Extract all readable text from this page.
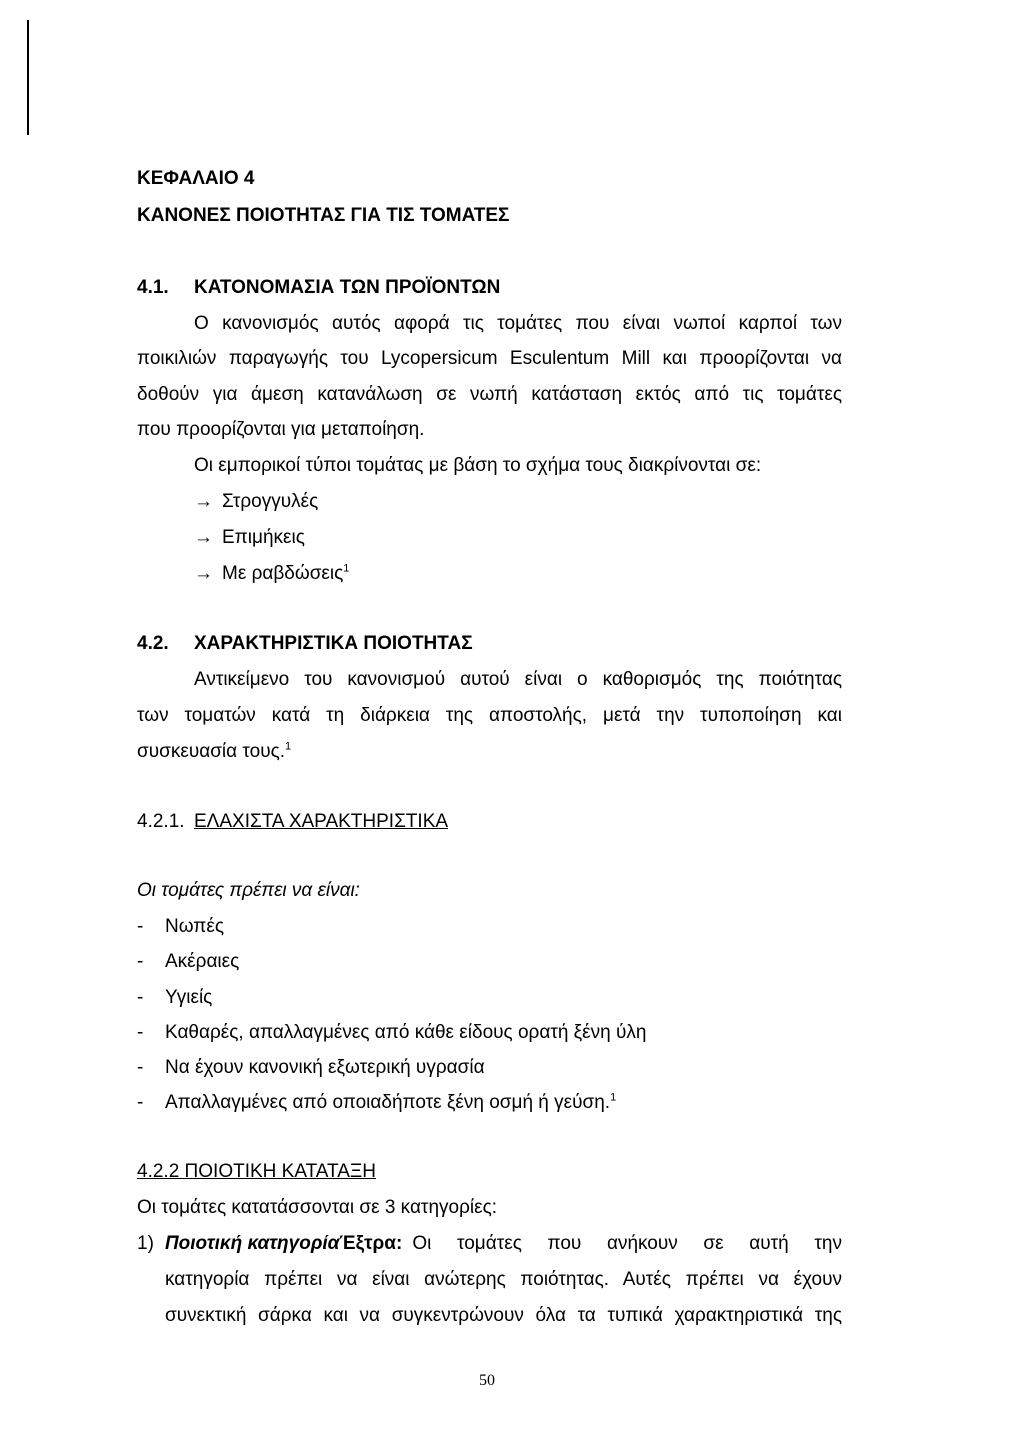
ΚΕΦΑΛΑΙΟ 4
ΚΑΝΟΝΕΣ ΠΟΙΟΤΗΤΑΣ ΓΙΑ ΤΙΣ ΤΟΜΑΤΕΣ
4.1. ΚΑΤΟΝΟΜΑΣΙΑ ΤΩΝ ΠΡΟΪΟΝΤΩΝ
Ο κανονισμός αυτός αφορά τις τομάτες που είναι νωποί καρποί των
ποικιλιών παραγωγής του Lycopersicum Esculentum Mill και προορίζονται να
δοθούν για άμεση κατανάλωση σε νωπή κατάσταση εκτός από τις τομάτες
που προορίζονται για μεταποίηση.
Οι εμπορικοί τύποι τομάτας με βάση το σχήμα τους διακρίνονται σε:
→ Στρογγυλές
→ Επιμήκεις
→ Με ραβδώσεις$^1$
4.2. ΧΑΡΑΚΤΗΡΙΣΤΙΚΑ ΠΟΙΟΤΗΤΑΣ
Αντικείμενο του κανονισμού αυτού είναι ο καθορισμός της ποιότητας
των τοματών κατά τη διάρκεια της αποστολής, μετά την τυποποίηση και
συσκευασία τους.$^1$
4.2.1. ΕΛΑΧΙΣΤΑ ΧΑΡΑΚΤΗΡΙΣΤΙΚΑ
Οι τομάτες πρέπει να είναι:
- Νωπές
- Ακέραιες
- Υγιείς
- Καθαρές, απαλλαγμένες από κάθε είδους ορατή ξένη ύλη
- Να έχουν κανονική εξωτερική υγρασία
- Απαλλαγμένες από οποιαδήποτε ξένη οσμή ή γεύση.$^1$
4.2.2 ΠΟΙΟΤΙΚΗ ΚΑΤΑΤΑΞΗ
Οι τομάτες κατατάσσονται σε 3 κατηγορίες:
1) Ποιοτική κατηγορία Έξτρα: Οι τομάτες που ανήκουν σε αυτή την
κατηγορία πρέπει να είναι ανώτερης ποιότητας. Αυτές πρέπει να έχουν
συνεκτική σάρκα και να συγκεντρώνουν όλα τα τυπικά χαρακτηριστικά της
50
